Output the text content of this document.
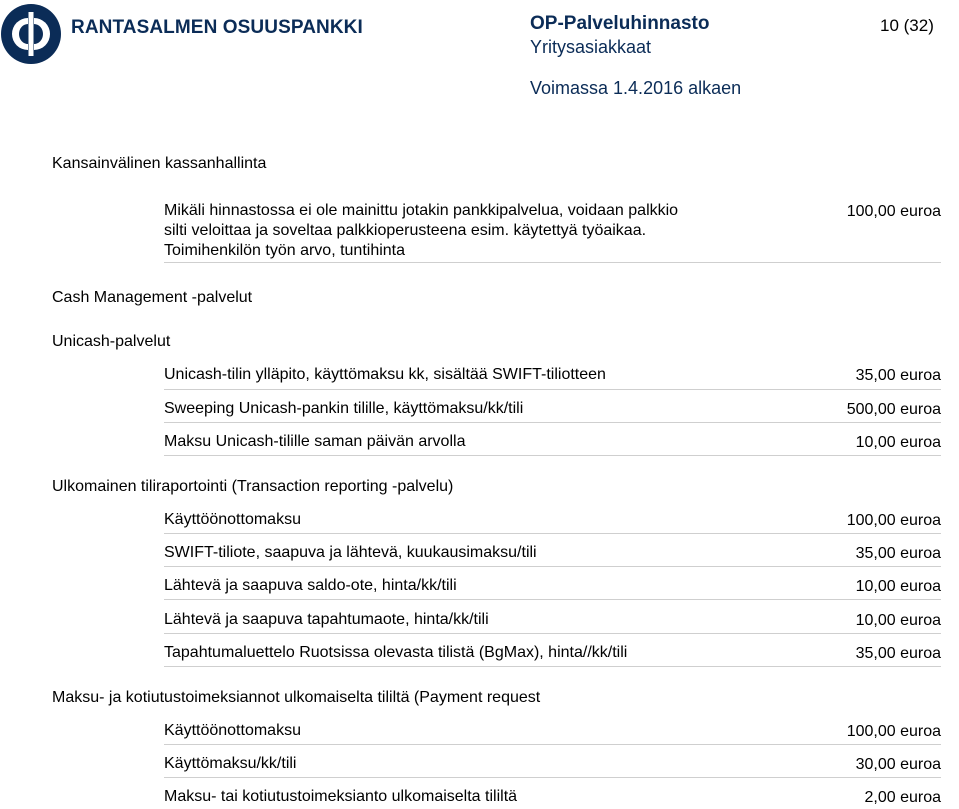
RANTASALMEN OSUUSPANKKI	OP-Palveluhinnasto
Yritysasiakkaat
10 (32)
Voimassa 1.4.2016 alkaen
Kansainvälinen kassanhallinta
Mikäli hinnastossa ei ole mainittu jotakin pankkipalvelua, voidaan palkkio silti veloittaa ja soveltaa palkkioperusteena esim. käytettyä työaikaa. Toimihenkilön työn arvo, tuntihinta
100,00 euroa
Cash Management -palvelut
Unicash-palvelut
Unicash-tilin ylläpito, käyttömaksu kk, sisältää SWIFT-tiliotteen	35,00 euroa
Sweeping Unicash-pankin tilille, käyttömaksu/kk/tili	500,00 euroa
Maksu Unicash-tilille saman päivän arvolla	10,00 euroa
Ulkomainen tiliraportointi (Transaction reporting -palvelu)
Käyttöönottomaksu	100,00 euroa
SWIFT-tiliote, saapuva ja lähtevä, kuukausimaksu/tili	35,00 euroa
Lähtevä ja saapuva saldo-ote, hinta/kk/tili	10,00 euroa
Lähtevä ja saapuva tapahtumaote, hinta/kk/tili	10,00 euroa
Tapahtumaluettelo Ruotsissa olevasta tilistä (BgMax), hinta//kk/tili	35,00 euroa
Maksu- ja kotiutustoimeksiannot ulkomaiselta tililtä (Payment request
Käyttöönottomaksu	100,00 euroa
Käyttömaksu/kk/tili	30,00 euroa
Maksu- tai kotiutustoimeksianto ulkomaiselta tililtä	2,00 euroa
